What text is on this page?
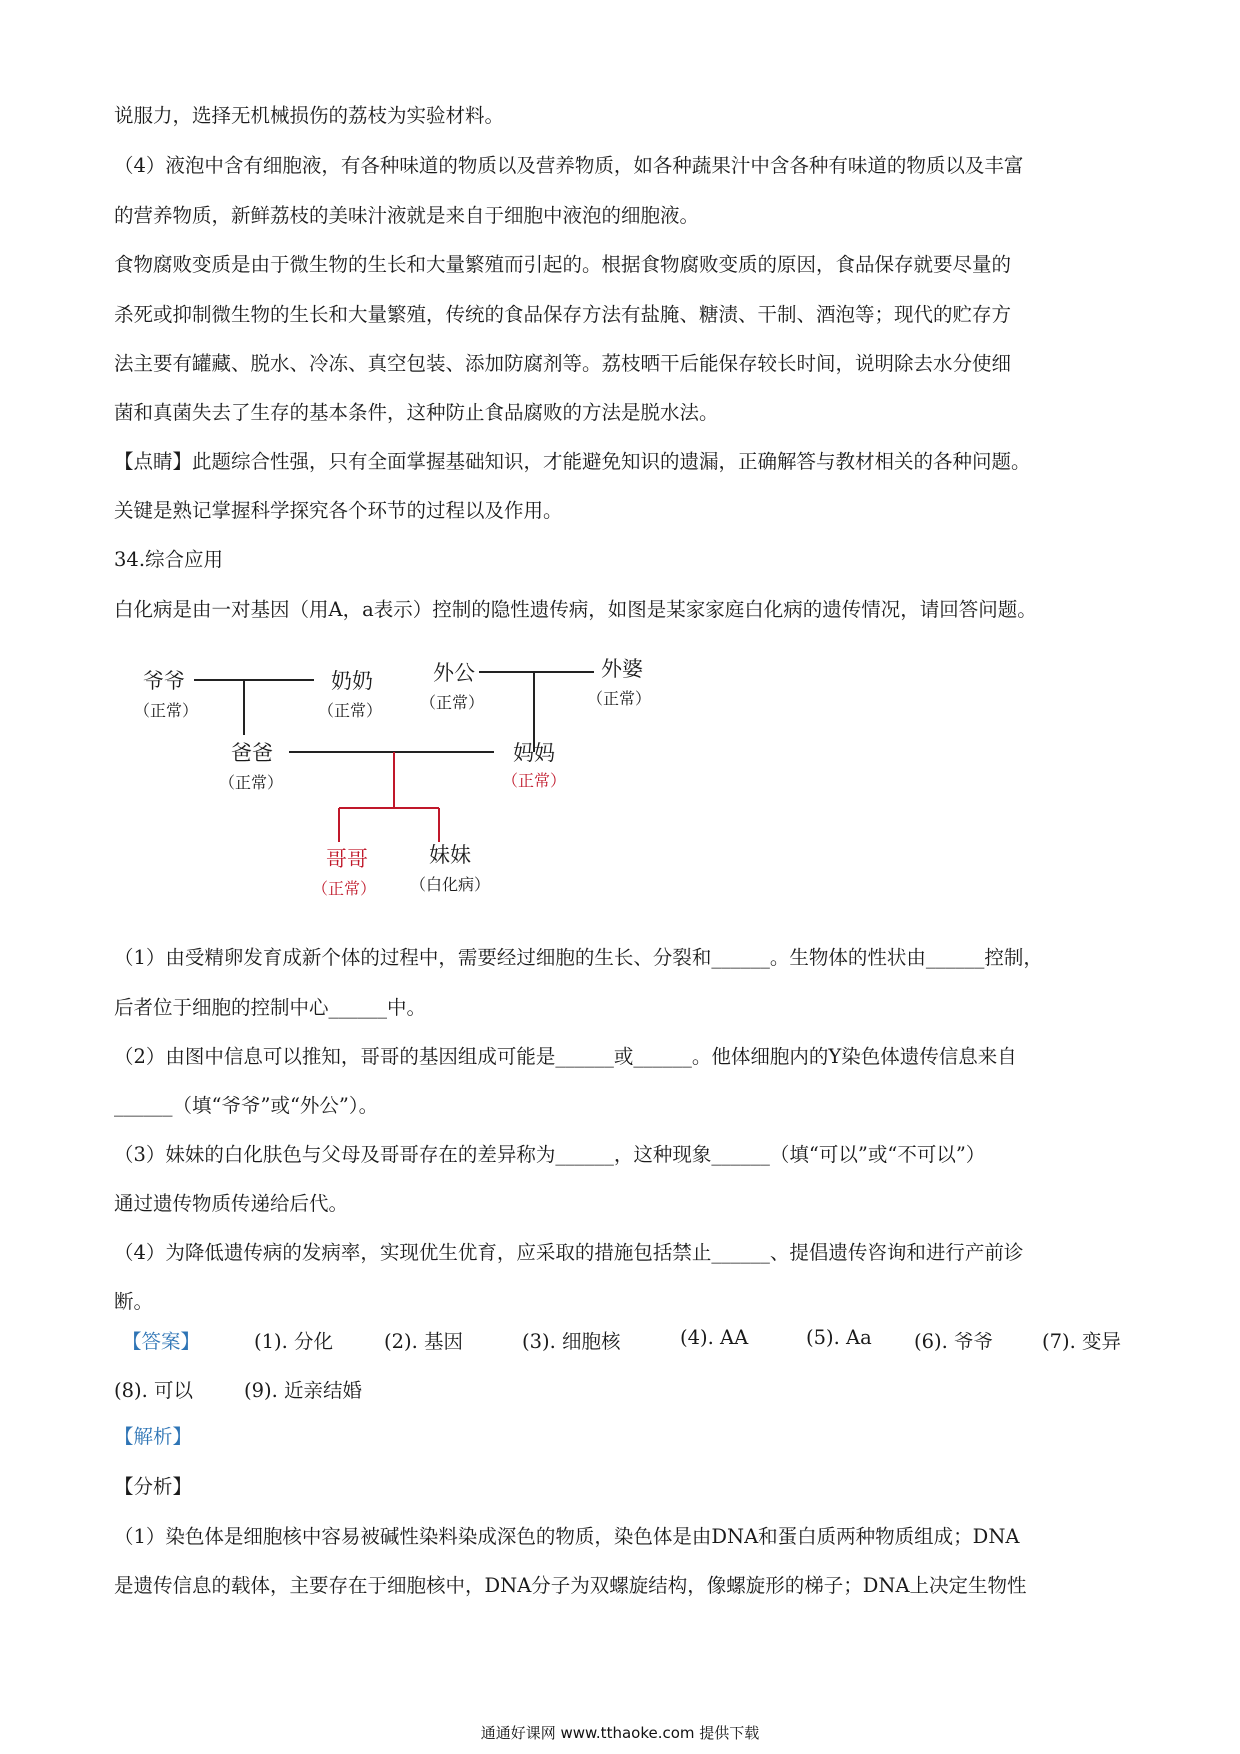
说服力，选择无机械损伤的荔枝为实验材料。
（4）液泡中含有细胞液，有各种味道的物质以及营养物质，如各种蔬果汁中含各种有味道的物质以及丰富
的营养物质，新鲜荔枝的美味汁液就是来自于细胞中液泡的细胞液。
食物腐败变质是由于微生物的生长和大量繁殖而引起的。根据食物腐败变质的原因，食品保存就要尽量的
杀死或抑制微生物的生长和大量繁殖，传统的食品保存方法有盐腌、糖渍、干制、酒泡等；现代的贮存方
法主要有罐藏、脱水、冷冻、真空包装、添加防腐剂等。荔枝晒干后能保存较长时间，说明除去水分使细
菌和真菌失去了生存的基本条件，这种防止食品腐败的方法是脱水法。
【点睛】此题综合性强，只有全面掌握基础知识，才能避免知识的遗漏，正确解答与教材相关的各种问题。
关键是熟记掌握科学探究各个环节的过程以及作用。
34.综合应用
白化病是由一对基因（用A，a表示）控制的隐性遗传病，如图是某家家庭白化病的遗传情况，请回答问题。
爷爷
（正常）
奶奶
（正常）
外公
（正常）
外婆
（正常）
爸爸
（正常）
妈妈
（正常）
哥哥
（正常）
妹妹
（白化病）
（1）由受精卵发育成新个体的过程中，需要经过细胞的生长、分裂和______。生物体的性状由______控制，
后者位于细胞的控制中心______中。
（2）由图中信息可以推知，哥哥的基因组成可能是______或______。他体细胞内的Y染色体遗传信息来自
______（填“爷爷”或“外公”）。
（3）妹妹的白化肤色与父母及哥哥存在的差异称为______，这种现象______（填“可以”或“不可以”）
通过遗传物质传递给后代。
（4）为降低遗传病的发病率，实现优生优育，应采取的措施包括禁止______、提倡遗传咨询和进行产前诊
断。
【答案】	(1). 分化	(2). 基因	(3). 细胞核	(4). AA	(5). Aa (6). 爷爷	(7). 变异
(8). 可以	(9). 近亲结婚
【解析】
【分析】
（1）染色体是细胞核中容易被碱性染料染成深色的物质，染色体是由DNA和蛋白质两种物质组成；DNA
是遗传信息的载体，主要存在于细胞核中，DNA分子为双螺旋结构，像螺旋形的梯子；DNA上决定生物性
通通好课网 www.tthaoke.com 提供下载
